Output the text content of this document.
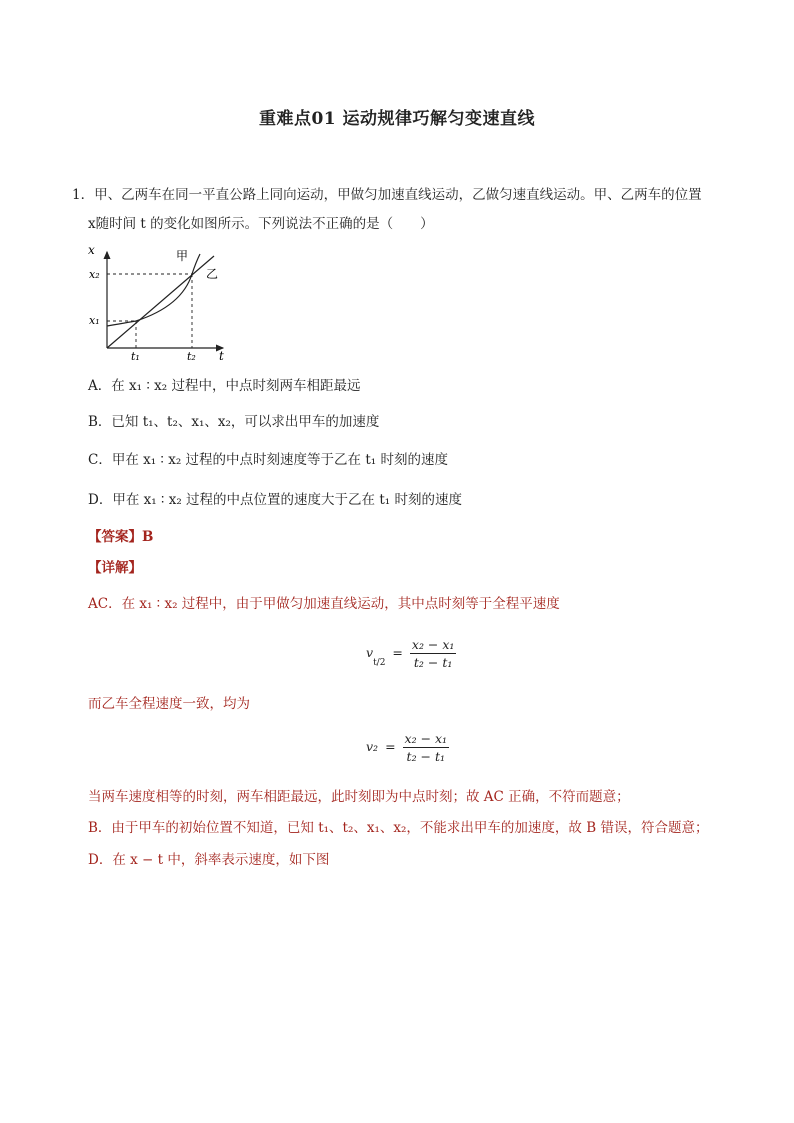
重难点01 运动规律巧解匀变速直线
1．甲、乙两车在同一平直公路上同向运动，甲做匀加速直线运动，乙做匀速直线运动。甲、乙两车的位置
x随时间 t 的变化如图所示。下列说法不正确的是（　　）
x
t
x₂
x₁
t₁	t₂
甲
乙
A．在 x₁ ∶ x₂ 过程中，中点时刻两车相距最远
B．已知 t₁、t₂、x₁、x₂，可以求出甲车的加速度
C．甲在 x₁ ∶ x₂ 过程的中点时刻速度等于乙在 t₁ 时刻的速度
D．甲在 x₁ ∶ x₂ 过程的中点位置的速度大于乙在 t₁ 时刻的速度
【答案】B
【详解】
AC．在 x₁ ∶ x₂ 过程中，由于甲做匀加速直线运动，其中点时刻等于全程平速度
$v_{t/2} = \frac{\text{x₂ − x₁}}{\text{t₂ − t₁}}$
而乙车全程速度一致，均为
$v_2 = \frac{\text{x₂ − x₁}}{\text{t₂ − t₁}}$
当两车速度相等的时刻，两车相距最远，此时刻即为中点时刻；故 AC 正确，不符而题意；
B．由于甲车的初始位置不知道，已知 t₁、t₂、x₁、x₂，不能求出甲车的加速度，故 B 错误，符合题意；
D．在 x − t 中，斜率表示速度，如下图
